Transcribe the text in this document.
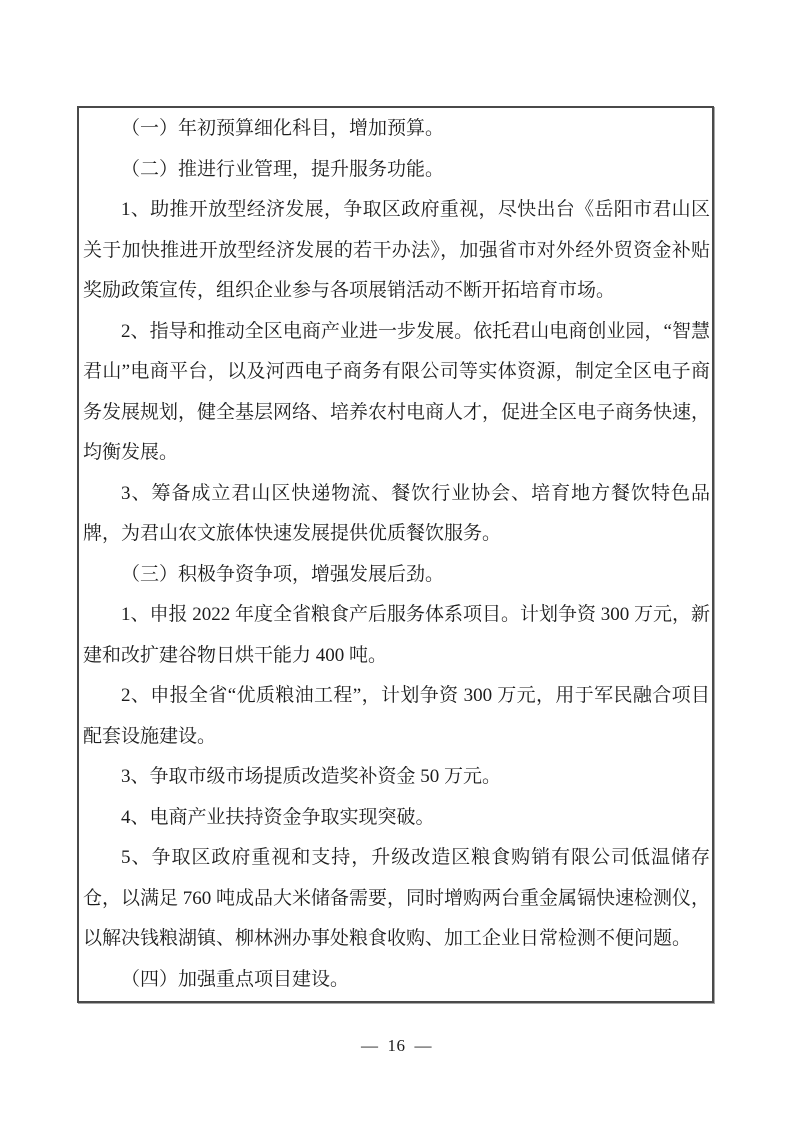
（一）年初预算细化科目，增加预算。

（二）推进行业管理，提升服务功能。

1、助推开放型经济发展，争取区政府重视，尽快出台《岳阳市君山区关于加快推进开放型经济发展的若干办法》，加强省市对外经外贸资金补贴奖励政策宣传，组织企业参与各项展销活动不断开拓培育市场。

2、指导和推动全区电商产业进一步发展。依托君山电商创业园，“智慧君山”电商平台，以及河西电子商务有限公司等实体资源，制定全区电子商务发展规划，健全基层网络、培养农村电商人才，促进全区电子商务快速，均衡发展。

3、筹备成立君山区快递物流、餐饮行业协会、培育地方餐饮特色品牌，为君山农文旅体快速发展提供优质餐饮服务。

（三）积极争资争项，增强发展后劲。

1、申报 2022 年度全省粮食产后服务体系项目。计划争资 300 万元，新建和改扩建谷物日烘干能力 400 吨。

2、申报全省“优质粮油工程”，计划争资 300 万元，用于军民融合项目配套设施建设。

3、争取市级市场提质改造奖补资金 50 万元。

4、电商产业扶持资金争取实现突破。

5、争取区政府重视和支持，升级改造区粮食购销有限公司低温储存仓，以满足 760 吨成品大米储备需要，同时增购两台重金属镉快速检测仪，以解决钱粮湖镇、柳林洲办事处粮食收购、加工企业日常检测不便问题。

（四）加强重点项目建设。

— 16 —
